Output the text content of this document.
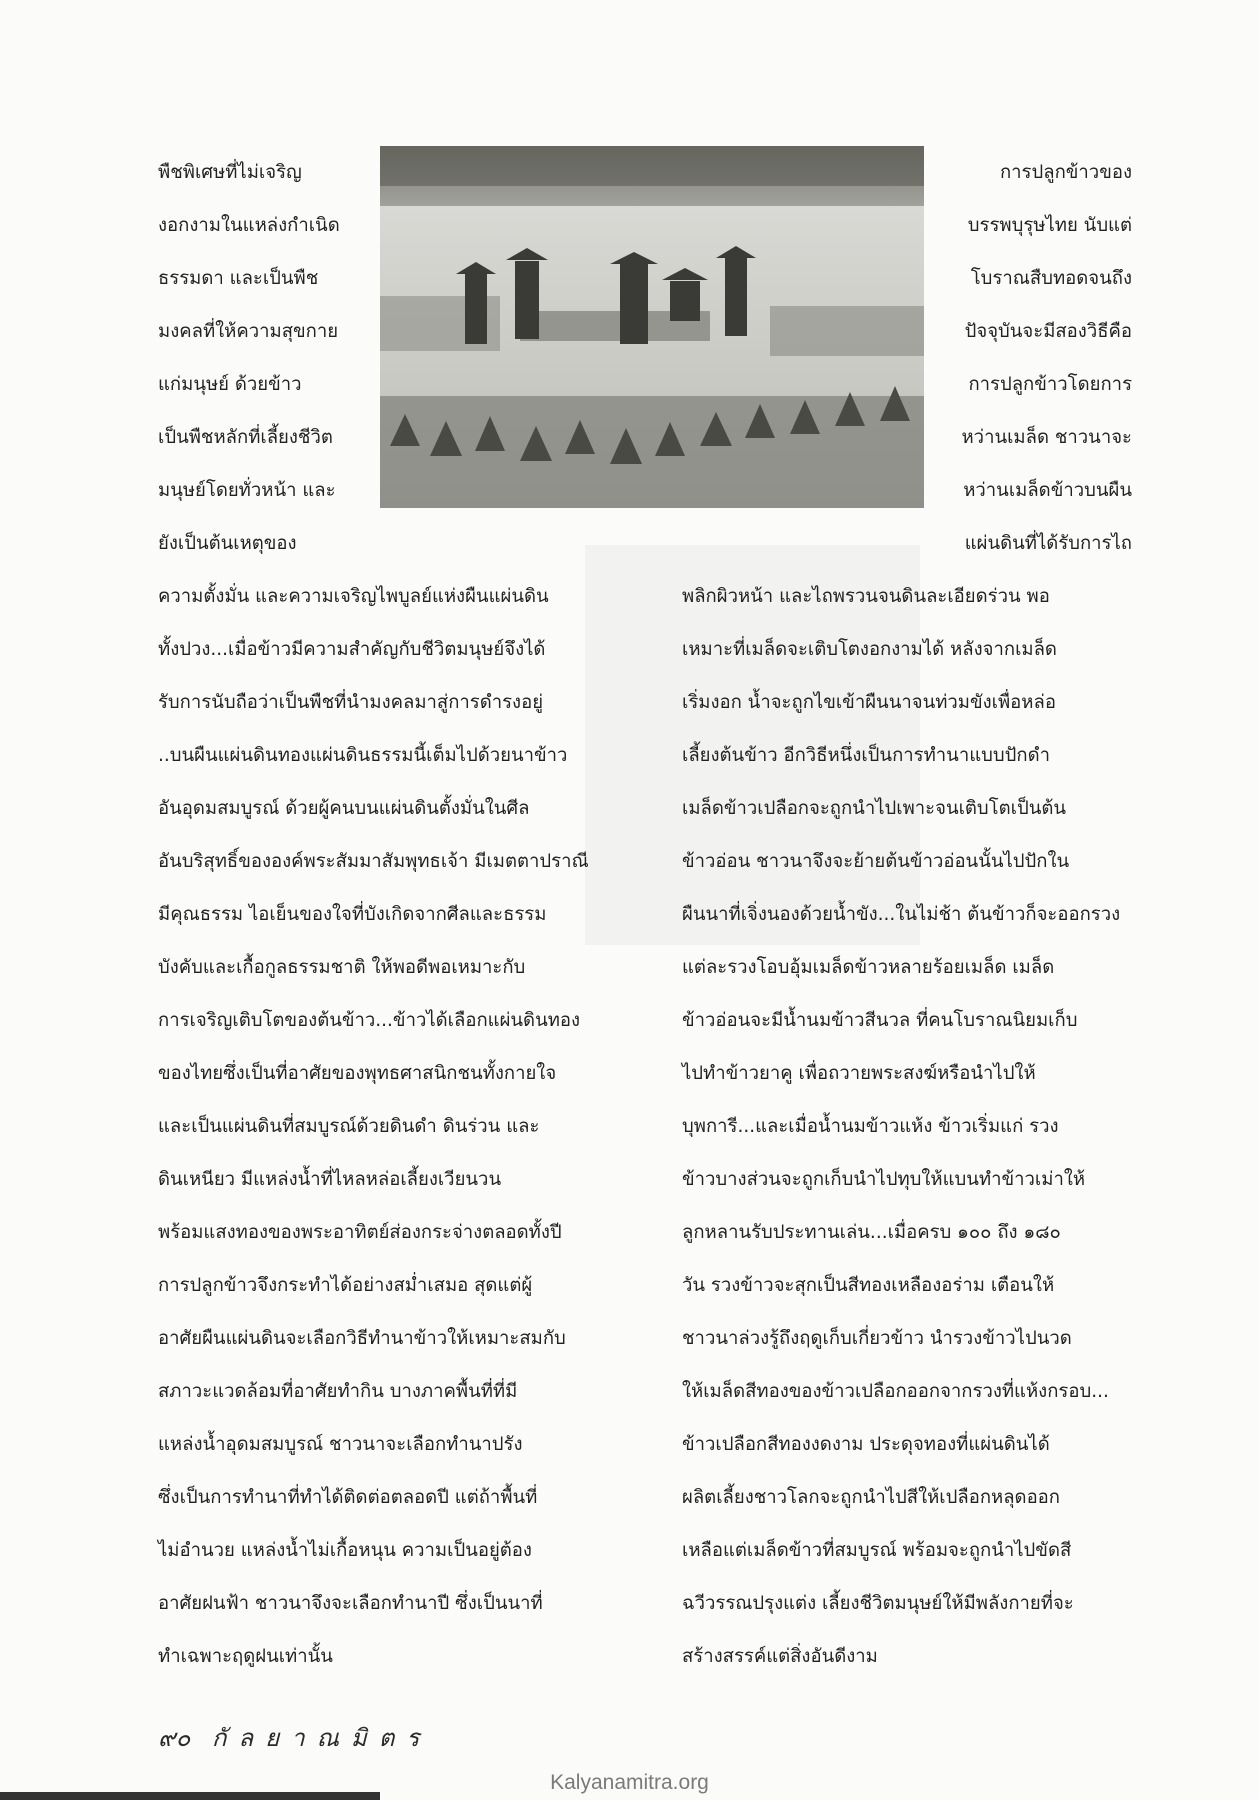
พืชพิเศษที่ไม่เจริญ
งอกงามในแหล่งกำเนิด
ธรรมดา และเป็นพืช
มงคลที่ให้ความสุขกาย
แก่มนุษย์ ด้วยข้าว
เป็นพืชหลักที่เลี้ยงชีวิต
มนุษย์โดยทั่วหน้า และ
ยังเป็นต้นเหตุของ
การปลูกข้าวของ
บรรพบุรุษไทย นับแต่
โบราณสืบทอดจนถึง
ปัจจุบันจะมีสองวิธีคือ
การปลูกข้าวโดยการ
หว่านเมล็ด ชาวนาจะ
หว่านเมล็ดข้าวบนผืน
แผ่นดินที่ได้รับการไถ
ความตั้งมั่น และความเจริญไพบูลย์แห่งผืนแผ่นดิน
ทั้งปวง...เมื่อข้าวมีความสำคัญกับชีวิตมนุษย์จึงได้
รับการนับถือว่าเป็นพืชที่นำมงคลมาสู่การดำรงอยู่
..บนผืนแผ่นดินทองแผ่นดินธรรมนี้เต็มไปด้วยนาข้าว
อันอุดมสมบูรณ์ ด้วยผู้คนบนแผ่นดินตั้งมั่นในศีล
อันบริสุทธิ์ขององค์พระสัมมาสัมพุทธเจ้า มีเมตตาปราณี
มีคุณธรรม ไอเย็นของใจที่บังเกิดจากศีลและธรรม
บังคับและเกื้อกูลธรรมชาติ ให้พอดีพอเหมาะกับ
การเจริญเติบโตของต้นข้าว...ข้าวได้เลือกแผ่นดินทอง
ของไทยซึ่งเป็นที่อาศัยของพุทธศาสนิกชนทั้งกายใจ
และเป็นแผ่นดินที่สมบูรณ์ด้วยดินดำ ดินร่วน และ
ดินเหนียว มีแหล่งน้ำที่ไหลหล่อเลี้ยงเวียนวน
พร้อมแสงทองของพระอาทิตย์ส่องกระจ่างตลอดทั้งปี
การปลูกข้าวจึงกระทำได้อย่างสม่ำเสมอ สุดแต่ผู้
อาศัยผืนแผ่นดินจะเลือกวิธีทำนาข้าวให้เหมาะสมกับ
สภาวะแวดล้อมที่อาศัยทำกิน บางภาคพื้นที่ที่มี
แหล่งน้ำอุดมสมบูรณ์ ชาวนาจะเลือกทำนาปรัง
ซึ่งเป็นการทำนาที่ทำได้ติดต่อตลอดปี แต่ถ้าพื้นที่
ไม่อำนวย แหล่งน้ำไม่เกื้อหนุน ความเป็นอยู่ต้อง
อาศัยฝนฟ้า ชาวนาจึงจะเลือกทำนาปี ซึ่งเป็นนาที่
ทำเฉพาะฤดูฝนเท่านั้น
พลิกผิวหน้า และไถพรวนจนดินละเอียดร่วน พอ
เหมาะที่เมล็ดจะเติบโตงอกงามได้ หลังจากเมล็ด
เริ่มงอก น้ำจะถูกไขเข้าผืนนาจนท่วมขังเพื่อหล่อ
เลี้ยงต้นข้าว อีกวิธีหนึ่งเป็นการทำนาแบบปักดำ
เมล็ดข้าวเปลือกจะถูกนำไปเพาะจนเติบโตเป็นต้น
ข้าวอ่อน ชาวนาจึงจะย้ายต้นข้าวอ่อนนั้นไปปักใน
ผืนนาที่เจิ่งนองด้วยน้ำขัง...ในไม่ช้า ต้นข้าวก็จะออกรวง
แต่ละรวงโอบอุ้มเมล็ดข้าวหลายร้อยเมล็ด เมล็ด
ข้าวอ่อนจะมีน้ำนมข้าวสีนวล ที่คนโบราณนิยมเก็บ
ไปทำข้าวยาคู เพื่อถวายพระสงฆ์หรือนำไปให้
บุพการี...และเมื่อน้ำนมข้าวแห้ง ข้าวเริ่มแก่ รวง
ข้าวบางส่วนจะถูกเก็บนำไปทุบให้แบนทำข้าวเม่าให้
ลูกหลานรับประทานเล่น...เมื่อครบ ๑๐๐ ถึง ๑๘๐
วัน รวงข้าวจะสุกเป็นสีทองเหลืองอร่าม เตือนให้
ชาวนาล่วงรู้ถึงฤดูเก็บเกี่ยวข้าว นำรวงข้าวไปนวด
ให้เมล็ดสีทองของข้าวเปลือกออกจากรวงที่แห้งกรอบ...
ข้าวเปลือกสีทองงดงาม ประดุจทองที่แผ่นดินได้
ผลิตเลี้ยงชาวโลกจะถูกนำไปสีให้เปลือกหลุดออก
เหลือแต่เมล็ดข้าวที่สมบูรณ์ พร้อมจะถูกนำไปขัดสี
ฉวีวรรณปรุงแต่ง เลี้ยงชีวิตมนุษย์ให้มีพลังกายที่จะ
สร้างสรรค์แต่สิ่งอันดีงาม
๙๐ กัลยาณมิตร
Kalyanamitra.org
